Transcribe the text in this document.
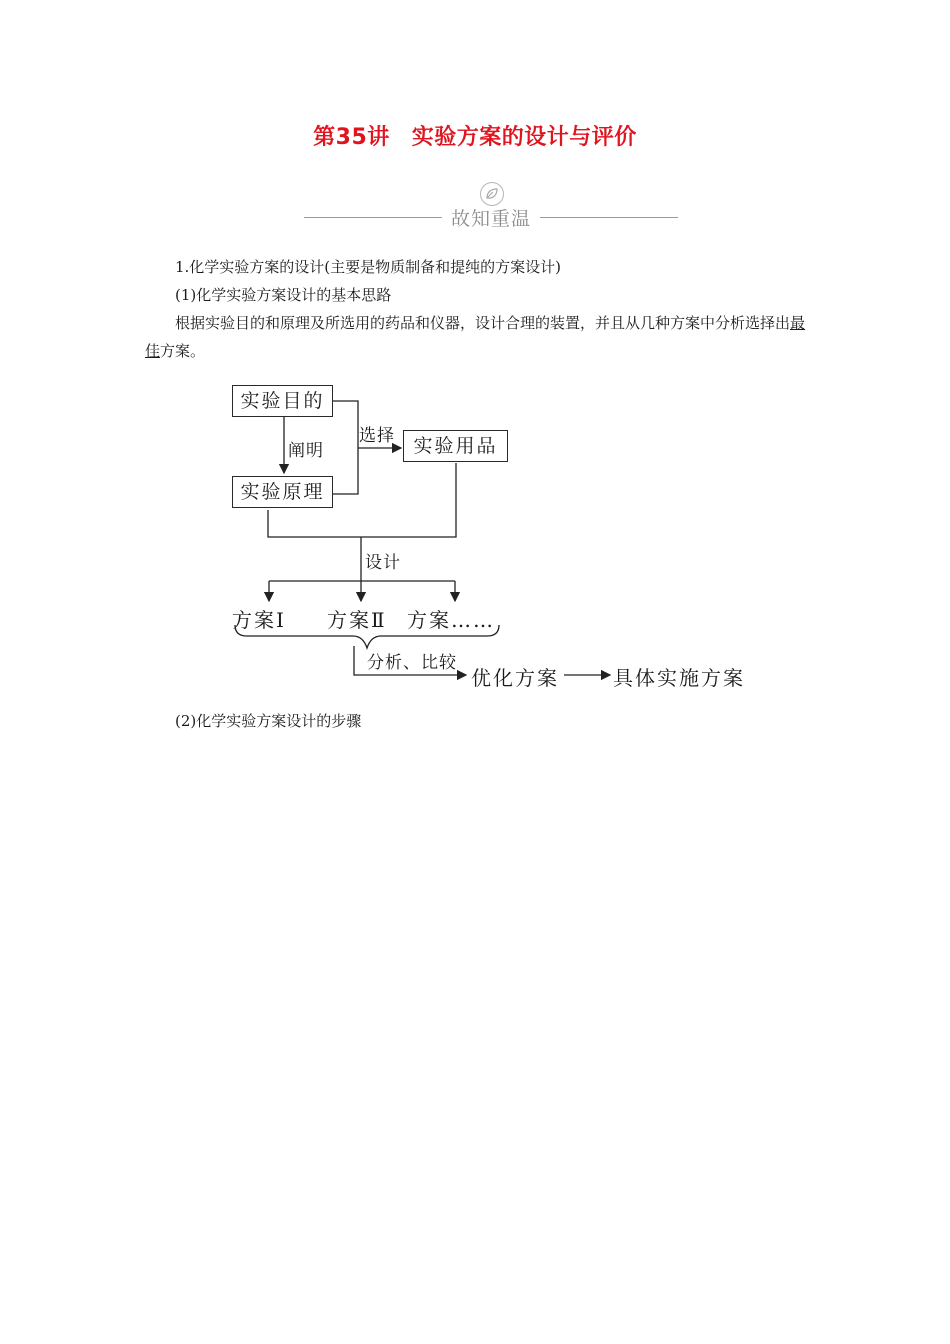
第35讲 实验方案的设计与评价
故知重温
1.化学实验方案的设计(主要是物质制备和提纯的方案设计)
(1)化学实验方案设计的基本思路
根据实验目的和原理及所选用的药品和仪器，设计合理的装置，并且从几种方案中分析选择出最佳方案。
实验目的
实验原理
实验用品
阐明
选择
设计
方案Ⅰ 方案Ⅱ 方案……
分析、比较
优化方案	具体实施方案
(2)化学实验方案设计的步骤
